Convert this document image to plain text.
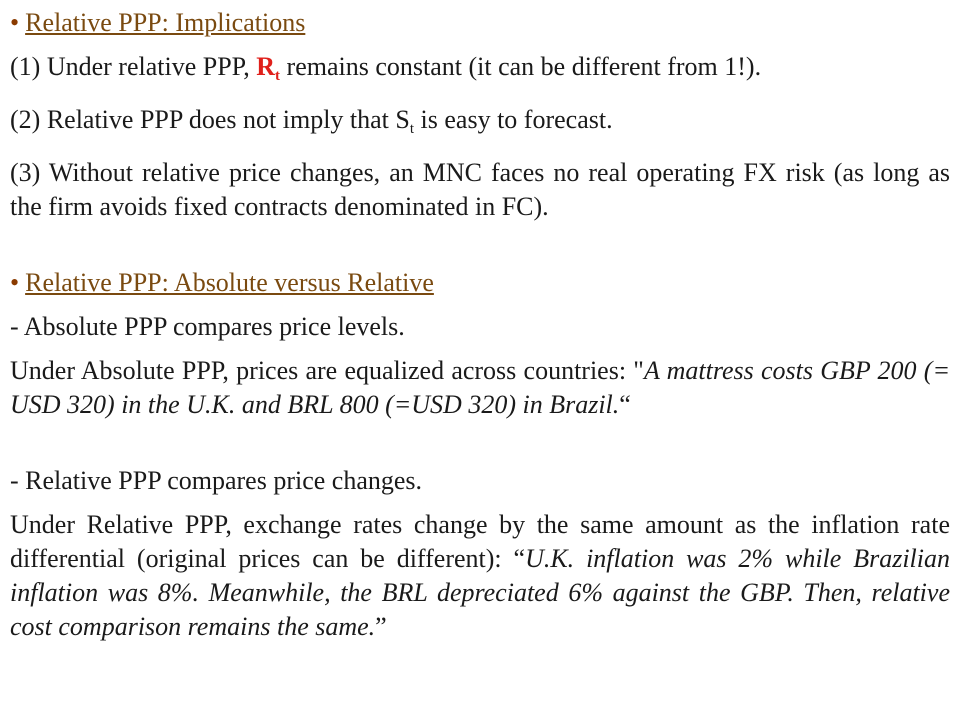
• Relative PPP: Implications

(1) Under relative PPP, $R_t$ remains constant (it can be different from 1!).

(2) Relative PPP does not imply that $S_t$ is easy to forecast.

(3) Without relative price changes, an MNC faces no real operating FX risk (as long as the firm avoids fixed contracts denominated in FC).

• Relative PPP: Absolute versus Relative

- Absolute PPP compares price levels.

Under Absolute PPP, prices are equalized across countries: "A mattress costs GBP 200 (= USD 320) in the U.K. and BRL 800 (=USD 320) in Brazil.“

- Relative PPP compares price changes.

Under Relative PPP, exchange rates change by the same amount as the inflation rate differential (original prices can be different): “U.K. inflation was 2% while Brazilian inflation was 8%. Meanwhile, the BRL depreciated 6% against the GBP. Then, relative cost comparison remains the same.”
